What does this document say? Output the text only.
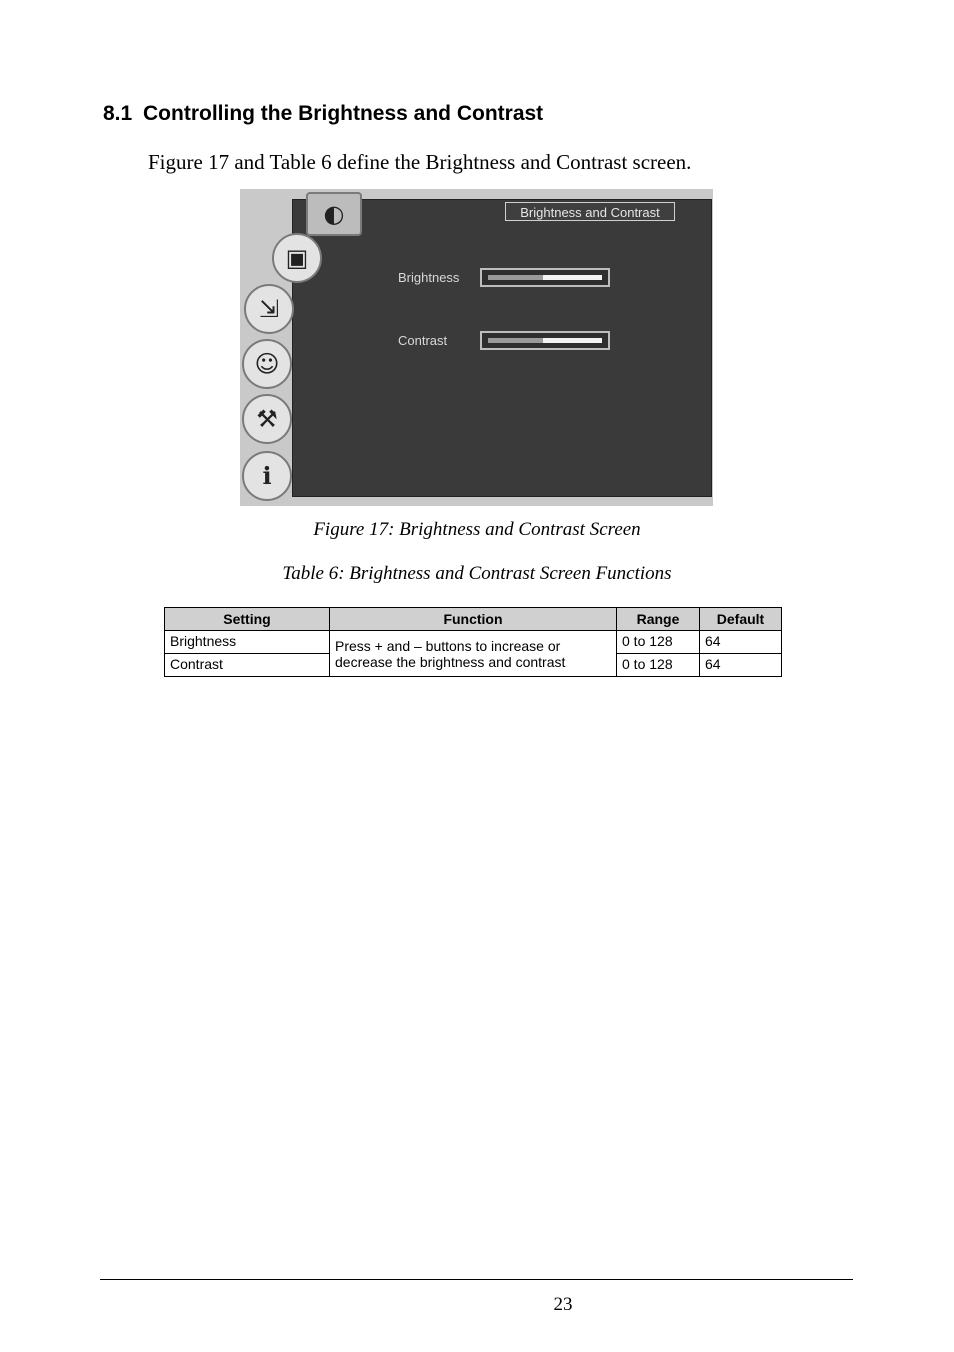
8.1 Controlling the Brightness and Contrast
Figure 17 and Table 6 define the Brightness and Contrast screen.
Brightness and Contrast
Brightness
Contrast
◐
▣
⇲
☺
⚒
ℹ
Figure 17: Brightness and Contrast Screen
Table 6: Brightness and Contrast Screen Functions
Setting	Function	Range	Default
Brightness	Press + and – buttons to increase or decrease the brightness and contrast	0 to 128	64
Contrast		0 to 128	64
23
